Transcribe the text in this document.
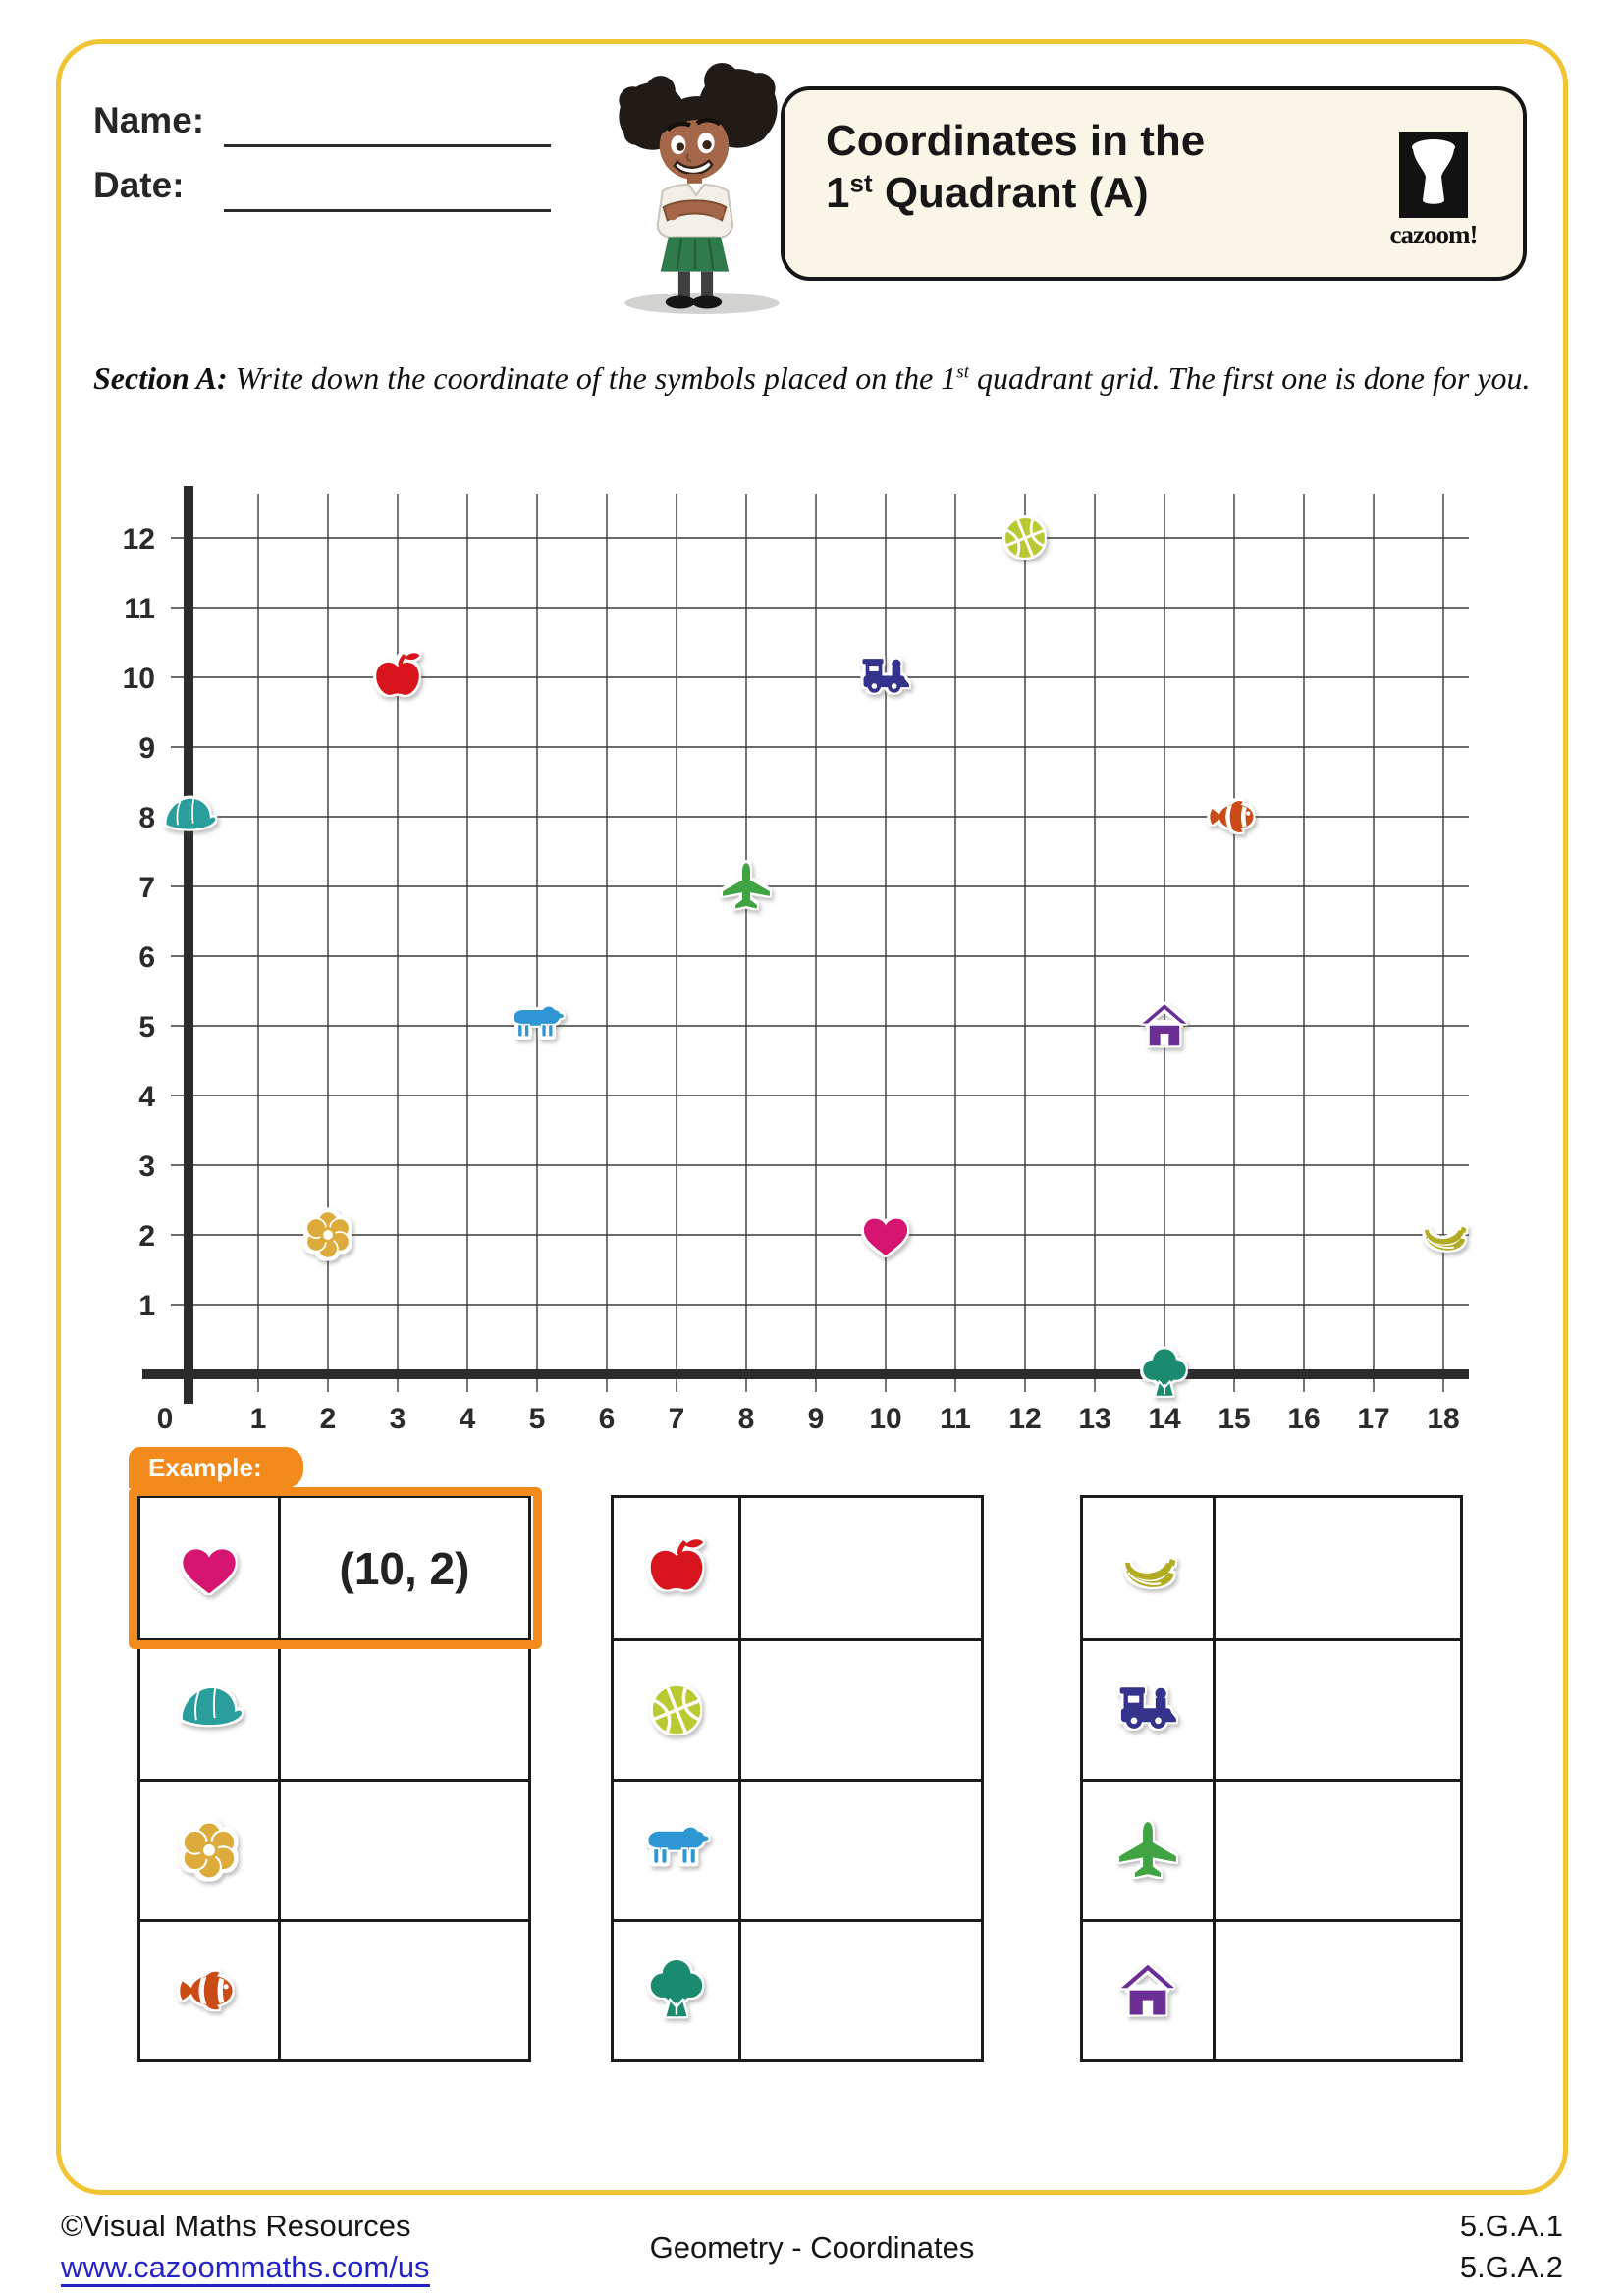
Name:
Date:
Coordinates in the
1st Quadrant (A)
cazoom!
Section A: Write down the coordinate of the symbols placed on the 1st quadrant grid. The first one is done for you.
0	1 2 3 4 5 6 7 8 9 10 11 12 13 14 15 16 17 18
1
2
3
4
5
6
7
8
9
10
11
12
(10, 2)
Example:
©Visual Maths Resources
www.cazoommaths.com/us
Geometry - Coordinates
5.G.A.1
5.G.A.2
